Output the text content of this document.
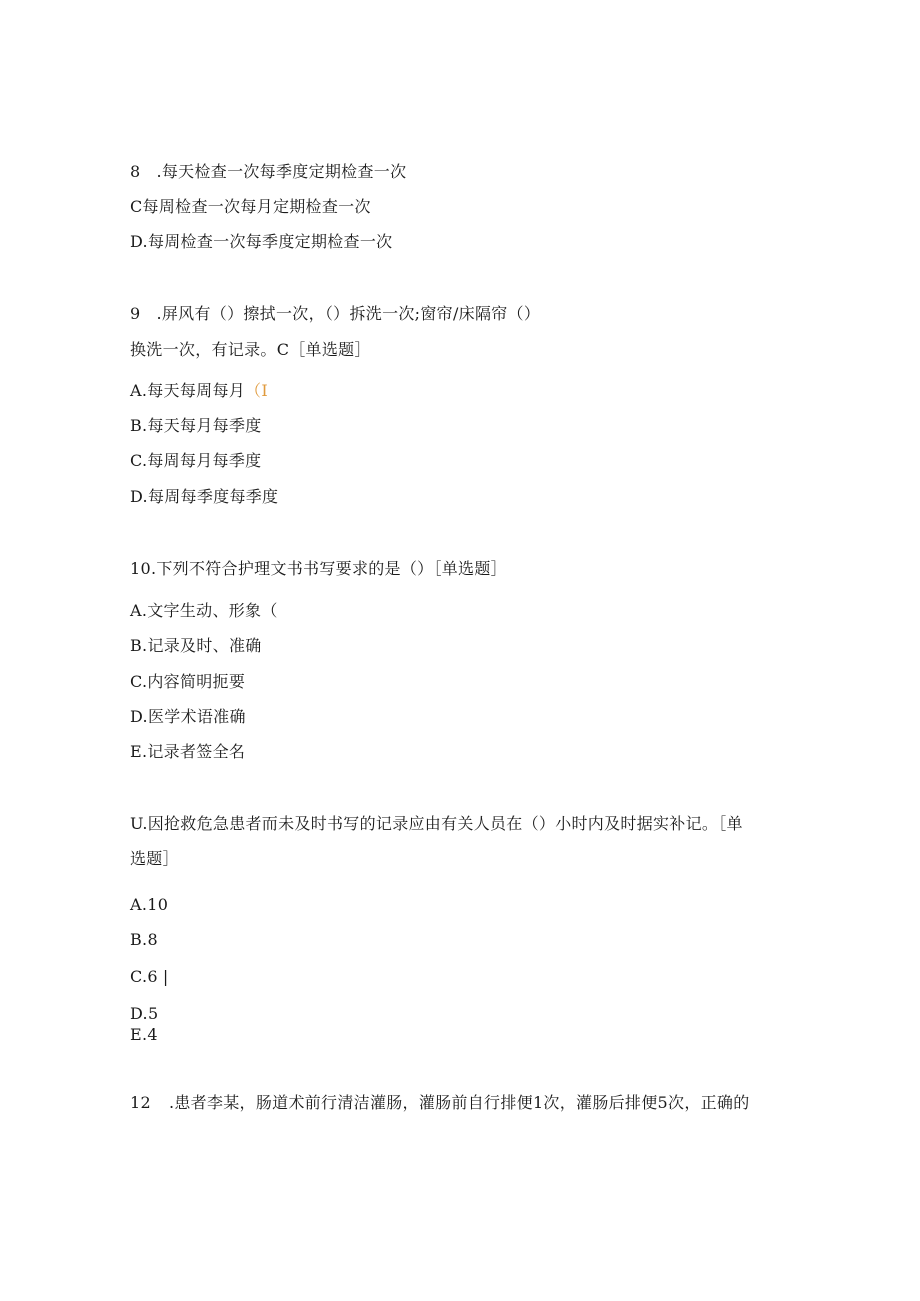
8 .每天检查一次每季度定期检查一次
C每周检查一次每月定期检查一次
D.每周检查一次每季度定期检查一次
9 .屏风有（）擦拭一次，（）拆洗一次;窗帘/床隔帘（）
换洗一次，有记录。C［单选题］
A.每天每周每月（I
B.每天每月每季度
C.每周每月每季度
D.每周每季度每季度
10.下列不符合护理文书书写要求的是（）［单选题］
A.文字生动、形象（
B.记录及时、准确
C.内容简明扼要
D.医学术语准确
E.记录者签全名
U.因抢救危急患者而未及时书写的记录应由有关人员在（）小时内及时据实补记。［单
选题］
A.10
B.8
C.6 |
D.5
E.4
12 .患者李某，肠道术前行清洁灌肠，灌肠前自行排便1次，灌肠后排便5次，正确的
